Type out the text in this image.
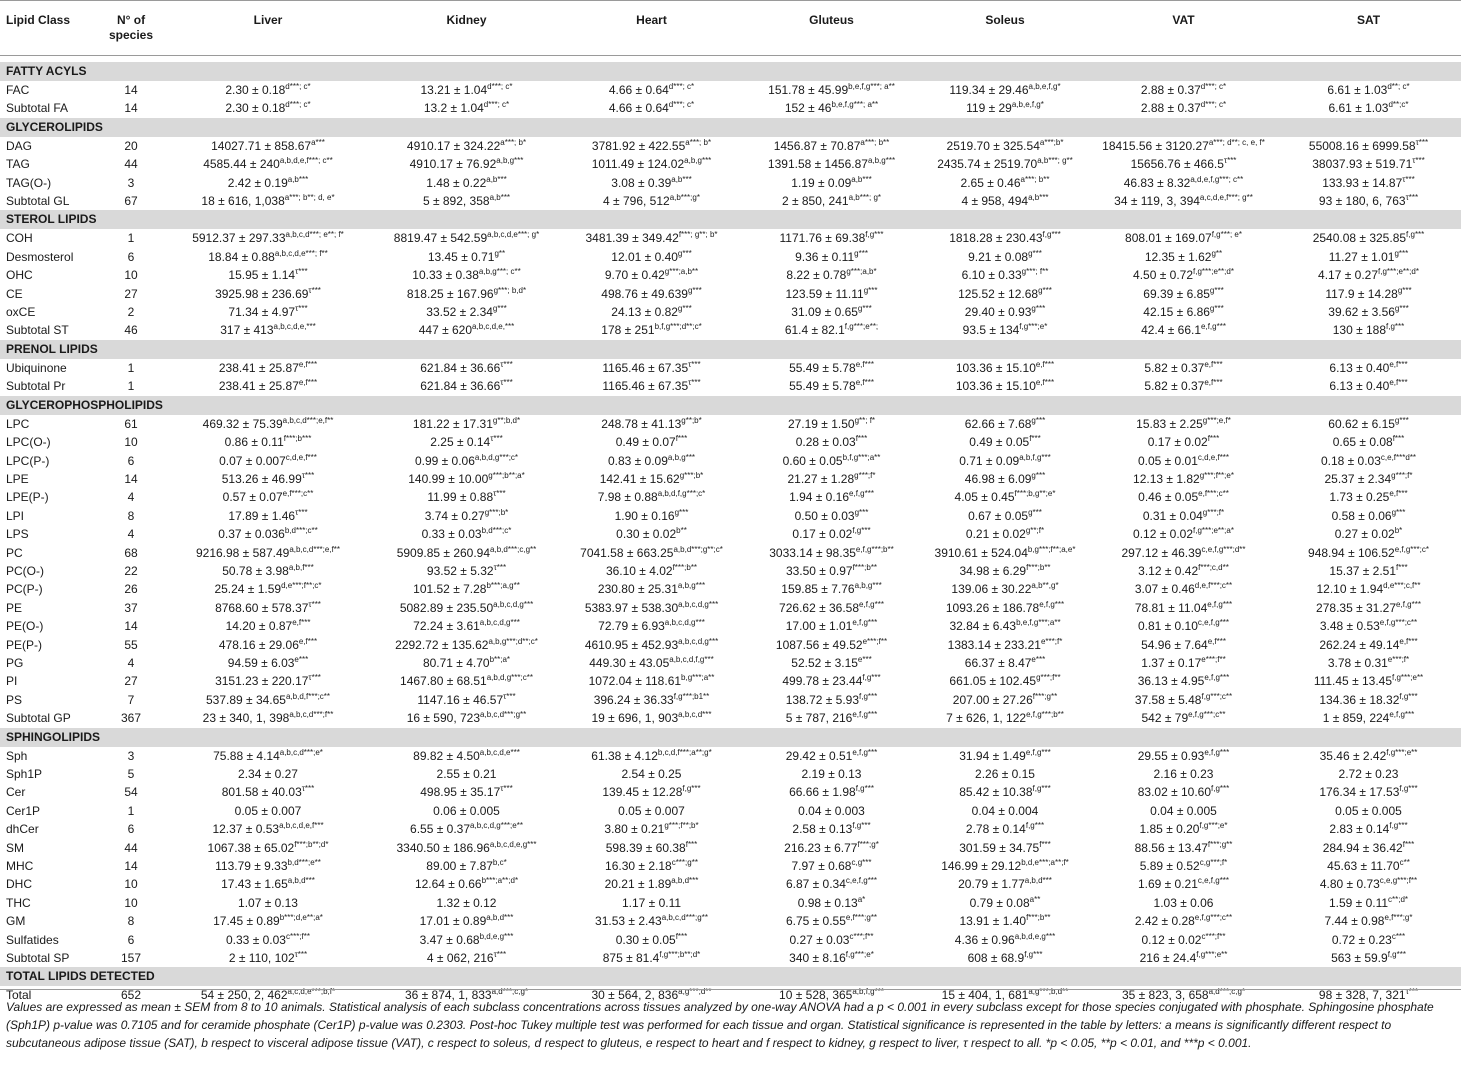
Lipid Class	N° of species	Liver	Kidney	Heart	Gluteus	Soleus	VAT	SAT

FATTY ACYLS								
FAC	14	$2.30 \pm 0.18^{d***; c*}$	$13.21 \pm 1.04^{d***; c*}$	$4.66 \pm 0.64^{d***; c*}$	$151.78 \pm 45.99^{b,e,f,g***; a**}$	$119.34 \pm 29.46^{a,b,e,f,g*}$	$2.88 \pm 0.37^{d***; c*}$	$6.61 \pm 1.03^{d**; c*}$
Subtotal FA	14	$2.30 \pm 0.18^{d***; c*}$	$13.2 \pm 1.04^{d***; c*}$	$4.66 \pm 0.64^{d***; c*}$	$152 \pm 46^{b,e,f,g***; a**}$	$119 \pm 29^{a,b,e,f,g*}$	$2.88 \pm 0.37^{d***; c*}$	$6.61 \pm 1.03^{d**;c*}$
GLYCEROLIPIDS								
DAG	20	$14027.71 \pm 858.67^{a***}$	$4910.17 \pm 324.22^{a***; b*}$	$3781.92 \pm 422.55^{a***; b*}$	$1456.87 \pm 70.87^{a***; b**}$	$2519.70 \pm 325.54^{a***;b*}$	$18415.56 \pm 3120.27^{a***; d**; c, e, f*}$	$55008.16 \pm 6999.58^{\tau***}$
TAG	44	$4585.44 \pm 240^{a,b,d,e,f***; c**}$	$4910.17 \pm 76.92^{a,b,g***}$	$1011.49 \pm 124.02^{a,b,g***}$	$1391.58 \pm 1456.87^{a,b,g***}$	$2435.74 \pm 2519.70^{a,b***; g**}$	$15656.76 \pm 466.5^{\tau***}$	$38037.93 \pm 519.71^{\tau***}$
TAG(O-)	3	$2.42 \pm 0.19^{a,b***}$	$1.48 \pm 0.22^{a,b***}$	$3.08 \pm 0.39^{a,b***}$	$1.19 \pm 0.09^{a,b***}$	$2.65 \pm 0.46^{a***; b**}$	$46.83 \pm 8.32^{a,d,e,f,g***; c**}$	$133.93 \pm 14.87^{\tau***}$
Subtotal GL	67	18 ± 616, $1,038^{a***; b**; d, e*}$	5 ± 892, $358^{a,b***}$	4 ± 796, $512^{a,b***;g*}$	2 ± 850, $241^{a,b***; g*}$	4 ± 958, $494^{a,b***}$	34 ± 119, 3, $394^{a,c,d,e,f***; g**}$	93 ± 180, 6, $763^{\tau***}$
STEROL LIPIDS								
COH	1	$5912.37 \pm 297.33^{a,b,c,d***; e**; f*}$	$8819.47 \pm 542.59^{a,b,c,d,e***; g*}$	$3481.39 \pm 349.42^{f***; g**; b*}$	$1171.76 \pm 69.38^{f,g***}$	$1818.28 \pm 230.43^{f,g***}$	$808.01 \pm 169.07^{f,g***; e*}$	$2540.08 \pm 325.85^{f,g***}$
Desmosterol	6	$18.84 \pm 0.88^{a,b,c,d,e***; f**}$	$13.45 \pm 0.71^{g**}$	$12.01 \pm 0.40^{g***}$	$9.36 \pm 0.11^{g***}$	$9.21 \pm 0.08^{g***}$	$12.35 \pm 1.62^{g**}$	$11.27 \pm 1.01^{g***}$
OHC	10	$15.95 \pm 1.14^{\tau***}$	$10.33 \pm 0.38^{a,b,g***; c**}$	$9.70 \pm 0.42^{g***;a,b**}$	$8.22 \pm 0.78^{g***;a,b*}$	$6.10 \pm 0.33^{g***; f**}$	$4.50 \pm 0.72^{f,g***;e**;d*}$	$4.17 \pm 0.27^{f,g***;e**;d*}$
CE	27	$3925.98 \pm 236.69^{\tau***}$	$818.25 \pm 167.96^{g***; b,d*}$	$498.76 \pm 49.639^{g***}$	$123.59 \pm 11.11^{g***}$	$125.52 \pm 12.68^{g***}$	$69.39 \pm 6.85^{g***}$	$117.9 \pm 14.28^{g***}$
oxCE	2	$71.34 \pm 4.97^{\tau***}$	$33.52 \pm 2.34^{g***}$	$24.13 \pm 0.82^{g***}$	$31.09 \pm 0.65^{g***}$	$29.40 \pm 0.93^{g***}$	$42.15 \pm 6.86^{g***}$	$39.62 \pm 3.56^{g***}$
Subtotal ST	46	$317 \pm 413^{a,b,c,d,e,***}$	$447 \pm 620^{a,b,c,d,e,***}$	$178 \pm 251^{b,f,g***;d**;c*}$	$61.4 \pm 82.1^{f,g***;e**;}$	$93.5 \pm 134^{f,g***;e*}$	$42.4 \pm 66.1^{e,f,g***}$	$130 \pm 188^{f,g***}$
PRENOL LIPIDS								
Ubiquinone	1	$238.41 \pm 25.87^{e,f***}$	$621.84 \pm 36.66^{\tau***}$	$1165.46 \pm 67.35^{\tau***}$	$55.49 \pm 5.78^{e,f***}$	$103.36 \pm 15.10^{e,f***}$	$5.82 \pm 0.37^{e,f***}$	$6.13 \pm 0.40^{e,f***}$
Subtotal Pr	1	$238.41 \pm 25.87^{e,f***}$	$621.84 \pm 36.66^{\tau***}$	$1165.46 \pm 67.35^{\tau***}$	$55.49 \pm 5.78^{e,f***}$	$103.36 \pm 15.10^{e,f***}$	$5.82 \pm 0.37^{e,f***}$	$6.13 \pm 0.40^{e,f***}$
GLYCEROPHOSPHOLIPIDS								
LPC	61	$469.32 \pm 75.39^{a,b,c,d***;e,f**}$	$181.22 \pm 17.31^{g**;b,d*}$	$248.78 \pm 41.13^{g**;b*}$	$27.19 \pm 1.50^{g**; f*}$	$62.66 \pm 7.68^{g***}$	$15.83 \pm 2.25^{g***;e,f*}$	$60.62 \pm 6.15^{g***}$
LPC(O-)	10	$0.86 \pm 0.11^{f***;b***}$	$2.25 \pm 0.14^{\tau***}$	$0.49 \pm 0.07^{f***}$	$0.28 \pm 0.03^{f***}$	$0.49 \pm 0.05^{f***}$	$0.17 \pm 0.02^{f***}$	$0.65 \pm 0.08^{f***}$
LPC(P-)	6	$0.07 \pm 0.007^{c,d,e,f***}$	$0.99 \pm 0.06^{a,b,d,g***;c*}$	$0.83 \pm 0.09^{a,b,g***}$	$0.60 \pm 0.05^{b,f,g***;a**}$	$0.71 \pm 0.09^{a,b,f,g***}$	$0.05 \pm 0.01^{c,d,e,f***}$	$0.18 \pm 0.03^{c,e,f***d**}$
LPE	14	$513.26 \pm 46.99^{\tau***}$	$140.99 \pm 10.00^{g***;b**;a*}$	$142.41 \pm 15.62^{g***;b*}$	$21.27 \pm 1.28^{g***;f*}$	$46.98 \pm 6.09^{g***}$	$12.13 \pm 1.82^{g***;f**;e*}$	$25.37 \pm 2.34^{g***;f*}$
LPE(P-)	4	$0.57 \pm 0.07^{e,f***;c**}$	$11.99 \pm 0.88^{\tau***}$	$7.98 \pm 0.88^{a,b,d,f,g***;c*}$	$1.94 \pm 0.16^{e,f,g***}$	$4.05 \pm 0.45^{f***;b,g**;e*}$	$0.46 \pm 0.05^{e,f***;c**}$	$1.73 \pm 0.25^{e,f***}$
LPI	8	$17.89 \pm 1.46^{\tau***}$	$3.74 \pm 0.27^{g***;b*}$	$1.90 \pm 0.16^{g***}$	$0.50 \pm 0.03^{g***}$	$0.67 \pm 0.05^{g***}$	$0.31 \pm 0.04^{g***;f*}$	$0.58 \pm 0.06^{g***}$
LPS	4	$0.37 \pm 0.036^{b,d***;c**}$	$0.33 \pm 0.03^{b,d***;c*}$	$0.30 \pm 0.02^{b**}$	$0.17 \pm 0.02^{f,g***}$	$0.21 \pm 0.02^{g**;f*}$	$0.12 \pm 0.02^{f,g***;e**;a*}$	$0.27 \pm 0.02^{b*}$
PC	68	$9216.98 \pm 587.49^{a,b,c,d***;e,f**}$	$5909.85 \pm 260.94^{a,b,d***;c,g**}$	$7041.58 \pm 663.25^{a,b,d***;g**;c*}$	$3033.14 \pm 98.35^{e,f,g***;b**}$	$3910.61 \pm 524.04^{b,g***;f**;a,e*}$	$297.12 \pm 46.39^{c,e,f,g***;d**}$	$948.94 \pm 106.52^{e,f,g***;c*}$
PC(O-)	22	$50.78 \pm 3.98^{a,b,f***}$	$93.52 \pm 5.32^{\tau***}$	$36.10 \pm 4.02^{f***;b**}$	$33.50 \pm 0.97^{f***;b**}$	$34.98 \pm 6.29^{f***;b**}$	$3.12 \pm 0.42^{f***;c,d**}$	$15.37 \pm 2.51^{f***}$
PC(P-)	26	$25.24 \pm 1.59^{d,e***;f**;c*}$	$101.52 \pm 7.28^{b***;a,g**}$	$230.80 \pm 25.31^{a,b,g***}$	$159.85 \pm 7.76^{a,b,g***}$	$139.06 \pm 30.22^{a,b**,g*}$	$3.07 \pm 0.46^{d,e,f***;c**}$	$12.10 \pm 1.94^{d,e***;c,f**}$
PE	37	$8768.60 \pm 578.37^{\tau***}$	$5082.89 \pm 235.50^{a,b,c,d,g***}$	$5383.97 \pm 538.30^{a,b,c,d,g***}$	$726.62 \pm 36.58^{e,f,g***}$	$1093.26 \pm 186.78^{e,f,g***}$	$78.81 \pm 11.04^{e,f,g***}$	$278.35 \pm 31.27^{e,f,g***}$
PE(O-)	14	$14.20 \pm 0.87^{e,f***}$	$72.24 \pm 3.61^{a,b,c,d,g***}$	$72.79 \pm 6.93^{a,b,c,d,g***}$	$17.00 \pm 1.01^{e,f,g***}$	$32.84 \pm 6.43^{b,e,f,g***;a**}$	$0.81 \pm 0.10^{c,e,f,g***}$	$3.48 \pm 0.53^{e,f,g***;c**}$
PE(P-)	55	$478.16 \pm 29.06^{e,f***}$	$2292.72 \pm 135.62^{a,b,g***;d**;c*}$	$4610.95 \pm 452.93^{a,b,c,d,g***}$	$1087.56 \pm 49.52^{e***;f**}$	$1383.14 \pm 233.21^{e***;f*}$	$54.96 \pm 7.64^{e,f***}$	$262.24 \pm 49.14^{e,f***}$
PG	4	$94.59 \pm 6.03^{e***}$	$80.71 \pm 4.70^{b**;a*}$	$449.30 \pm 43.05^{a,b,c,d,f,g***}$	$52.52 \pm 3.15^{e***}$	$66.37 \pm 8.47^{e***}$	$1.37 \pm 0.17^{e***;f**}$	$3.78 \pm 0.31^{e***;f*}$
PI	27	$3151.23 \pm 220.17^{\tau***}$	$1467.80 \pm 68.51^{a,b,d,g***;c**}$	$1072.04 \pm 118.61^{b,g***;a**}$	$499.78 \pm 23.44^{f,g***}$	$661.05 \pm 102.45^{g***;f**}$	$36.13 \pm 4.95^{e,f,g***}$	$111.45 \pm 13.45^{f,g***;e**}$
PS	7	$537.89 \pm 34.65^{a,b,d,f***;c**}$	$1147.16 \pm 46.57^{\tau***}$	$396.24 \pm 36.33^{f,g***;b1**}$	$138.72 \pm 5.93^{f,g***}$	$207.00 \pm 27.26^{f***;g**}$	$37.58 \pm 5.48^{f,g***;c**}$	$134.36 \pm 18.32^{f,g***}$
Subtotal GP	367	23 ± 340, 1, $398^{a,b,c,d***;f**}$	16 ± 590, $723^{a,b,c,d***;g**}$	19 ± 696, 1, $903^{a,b,c,d***}$	5 ± 787, $216^{e,f,g***}$	7 ± 626, 1, $122^{e,f,g***;b**}$	$542 \pm 79^{e,f,g***;c**}$	1 ± 859, $224^{e,f,g***}$
SPHINGOLIPIDS								
Sph	3	$75.88 \pm 4.14^{a,b,c,d***;e*}$	$89.82 \pm 4.50^{a,b,c,d,e***}$	$61.38 \pm 4.12^{b,c,d,f***;a**;g*}$	$29.42 \pm 0.51^{e,f,g***}$	$31.94 \pm 1.49^{e,f,g***}$	$29.55 \pm 0.93^{e,f,g***}$	$35.46 \pm 2.42^{f,g***;e**}$
Sph1P	5	2.34 ± 0.27	2.55 ± 0.21	2.54 ± 0.25	2.19 ± 0.13	2.26 ± 0.15	2.16 ± 0.23	2.72 ± 0.23
Cer	54	$801.58 \pm 40.03^{\tau***}$	$498.95 \pm 35.17^{\tau***}$	$139.45 \pm 12.28^{f,g***}$	$66.66 \pm 1.98^{f,g***}$	$85.42 \pm 10.38^{f,g***}$	$83.02 \pm 10.60^{f,g***}$	$176.34 \pm 17.53^{f,g***}$
Cer1P	1	0.05 ± 0.007	0.06 ± 0.005	0.05 ± 0.007	0.04 ± 0.003	0.04 ± 0.004	0.04 ± 0.005	0.05 ± 0.005
dhCer	6	$12.37 \pm 0.53^{a,b,c,d,e,f***}$	$6.55 \pm 0.37^{a,b,c,d,g***;e**}$	$3.80 \pm 0.21^{g***;f**;b*}$	$2.58 \pm 0.13^{f,g***}$	$2.78 \pm 0.14^{f,g***}$	$1.85 \pm 0.20^{f,g***;e*}$	$2.83 \pm 0.14^{f,g***}$
SM	44	$1067.38 \pm 65.02^{f***;b**;d*}$	$3340.50 \pm 186.96^{a,b,c,d,e,g***}$	$598.39 \pm 60.38^{f***}$	$216.23 \pm 6.77^{f***;g*}$	$301.59 \pm 34.75^{f***}$	$88.56 \pm 13.47^{f***;g**}$	$284.94 \pm 36.42^{f***}$
MHC	14	$113.79 \pm 9.33^{b,d***;e**}$	$89.00 \pm 7.87^{b,c*}$	$16.30 \pm 2.18^{c***;g**}$	$7.97 \pm 0.68^{c,g***}$	$146.99 \pm 29.12^{b,d,e***;a**;f*}$	$5.89 \pm 0.52^{c,g***;f*}$	$45.63 \pm 11.70^{c**}$
DHC	10	$17.43 \pm 1.65^{a,b,d***}$	$12.64 \pm 0.66^{b***;a**;d*}$	$20.21 \pm 1.89^{a,b,d***}$	$6.87 \pm 0.34^{c,e,f,g***}$	$20.79 \pm 1.77^{a,b,d***}$	$1.69 \pm 0.21^{c,e,f,g***}$	$4.80 \pm 0.73^{c,e,g***;f**}$
THC	10	1.07 ± 0.13	1.32 ± 0.12	1.17 ± 0.11	$0.98 \pm 0.13^{a*}$	$0.79 \pm 0.08^{a**}$	1.03 ± 0.06	$1.59 \pm 0.11^{c**;d*}$
GM	8	$17.45 \pm 0.89^{b***;d,e**;a*}$	$17.01 \pm 0.89^{a,b,d***}$	$31.53 \pm 2.43^{a,b,c,d***;g**}$	$6.75 \pm 0.55^{e,f***;g**}$	$13.91 \pm 1.40^{f***;b**}$	$2.42 \pm 0.28^{e,f,g***;c**}$	$7.44 \pm 0.98^{e,f***;g*}$
Sulfatides	6	$0.33 \pm 0.03^{c***;f**}$	$3.47 \pm 0.68^{b,d,e,g***}$	$0.30 \pm 0.05^{f***}$	$0.27 \pm 0.03^{c***;f**}$	$4.36 \pm 0.96^{a,b,d,e,g***}$	$0.12 \pm 0.02^{c***;f**}$	$0.72 \pm 0.23^{c***}$
Subtotal SP	157	2 ± 110, $102^{\tau***}$	4 ± 062, $216^{\tau***}$	$875 \pm 81.4^{f,g***;b**;d*}$	$340 \pm 8.16^{f,g***;e*}$	$608 \pm 68.9^{f,g***}$	$216 \pm 24.4^{f,g***;e**}$	$563 \pm 59.9^{f,g***}$
TOTAL LIPIDS DETECTED								
Total	652	54 ± 250, 2, $462^{a,c,d,e***;b,f*}$	36 ± 874, 1, $833^{a,d***;c,g*}$	30 ± 564, 2, $836^{a,g***;d**}$	10 ± 528, $365^{a,b,f,g***}$	15 ± 404, 1, $681^{a,g***;b,d**}$	35 ± 823, 3, $658^{a,d***;c,g*}$	98 ± 328, 7, $321^{\tau***}$
Values are expressed as mean ± SEM from 8 to 10 animals. Statistical analysis of each subclass concentrations across tissues analyzed by one-way ANOVA had a p < 0.001 in every subclass except for those species conjugated with phosphate. Sphingosine phosphate (Sph1P) p-value was 0.7105 and for ceramide phosphate (Cer1P) p-value was 0.2303. Post-hoc Tukey multiple test was performed for each tissue and organ. Statistical significance is represented in the table by letters: a means is significantly different respect to subcutaneous adipose tissue (SAT), b respect to visceral adipose tissue (VAT), c respect to soleus, d respect to gluteus, e respect to heart and f respect to kidney, g respect to liver, τ respect to all. *p < 0.05, **p < 0.01, and ***p < 0.001.
